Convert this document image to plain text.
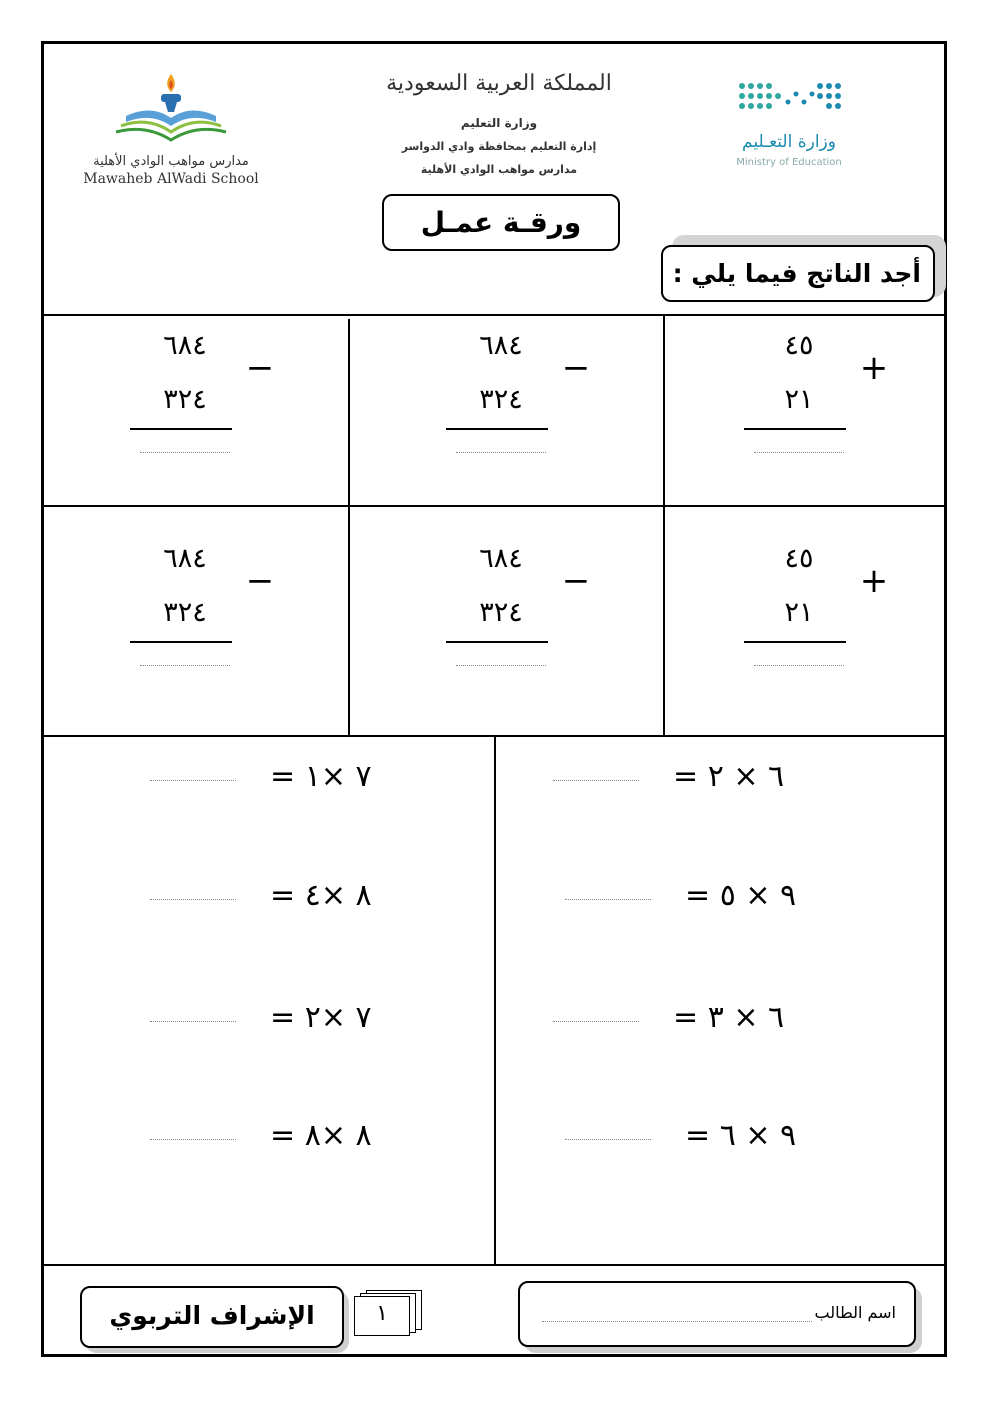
مدارس مواهب الوادي الأهلية
Mawaheb AlWadi School
المملكة العربية السعودية
وزارة التعليم
إدارة التعليم بمحافظة وادي الدواسر
مدارس مواهب الوادي الأهلية
وزارة التعـليم
Ministry of Education
ورقـة عمـل
أجد الناتج فيما يلي :
٤٥
+
٢١
٦٨٤
−
٣٢٤
٦٨٤
−
٣٢٤
٤٥
+
٢١
٦٨٤
−
٣٢٤
٦٨٤
−
٣٢٤
= ٦ × ٢
= ٩ × ٥
= ٦ × ٣
= ٩ × ٦
= ٧ ×١
= ٨ ×٤
= ٧ ×٢
= ٨ ×٨
اسم الطالب
الإشراف التربوي	١
